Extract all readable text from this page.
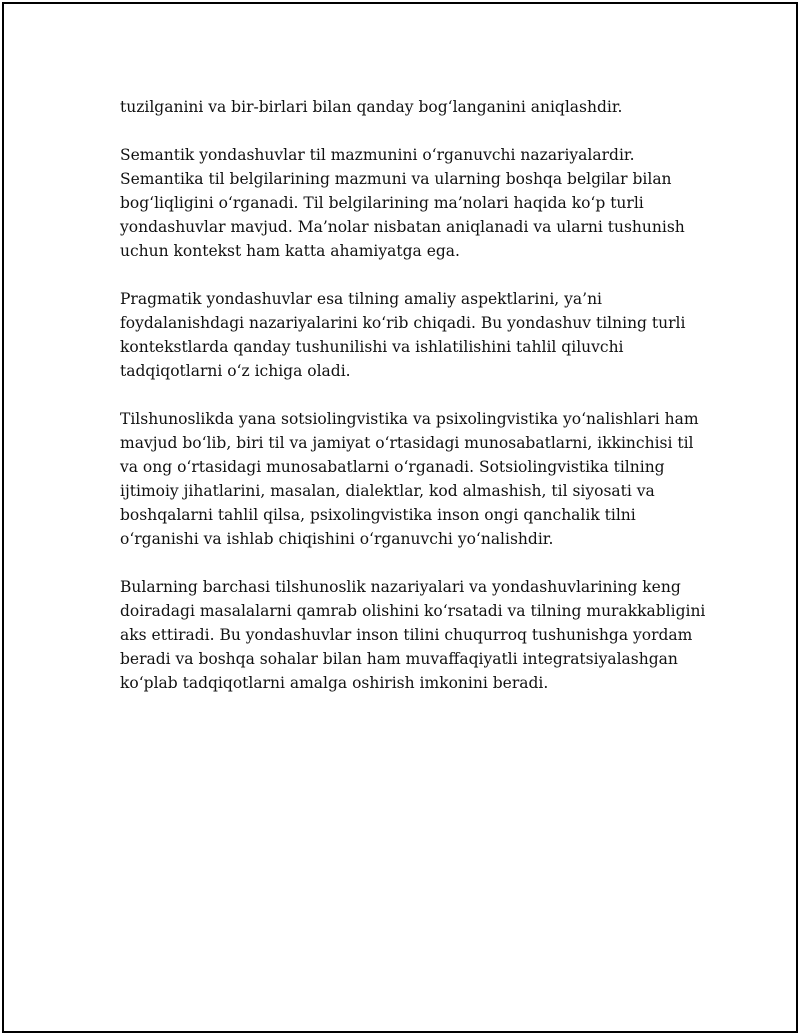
tuzilganini va bir-birlari bilan qanday bog‘langanini aniqlashdir.

Semantik yondashuvlar til mazmunini o‘rganuvchi nazariyalardir. Semantika til belgilarining mazmuni va ularning boshqa belgilar bilan bog‘liqligini o‘rganadi. Til belgilarining ma’nolari haqida ko‘p turli yondashuvlar mavjud. Ma’nolar nisbatan aniqlanadi va ularni tushunish uchun kontekst ham katta ahamiyatga ega.

Pragmatik yondashuvlar esa tilning amaliy aspektlarini, ya’ni foydalanishdagi nazariyalarini ko‘rib chiqadi. Bu yondashuv tilning turli kontekstlarda qanday tushunilishi va ishlatilishini tahlil qiluvchi tadqiqotlarni o‘z ichiga oladi.

Tilshunoslikda yana sotsiolingvistika va psixolingvistika yo‘nalishlari ham mavjud bo‘lib, biri til va jamiyat o‘rtasidagi munosabatlarni, ikkinchisi til va ong o‘rtasidagi munosabatlarni o‘rganadi. Sotsiolingvistika tilning ijtimoiy jihatlarini, masalan, dialektlar, kod almashish, til siyosati va boshqalarni tahlil qilsa, psixolingvistika inson ongi qanchalik tilni o‘rganishi va ishlab chiqishini o‘rganuvchi yo‘nalishdir.

Bularning barchasi tilshunoslik nazariyalari va yondashuvlarining keng doiradagi masalalarni qamrab olishini ko‘rsatadi va tilning murakkabligini aks ettiradi. Bu yondashuvlar inson tilini chuqurroq tushunishga yordam beradi va boshqa sohalar bilan ham muvaffaqiyatli integratsiyalashgan ko‘plab tadqiqotlarni amalga oshirish imkonini beradi.
